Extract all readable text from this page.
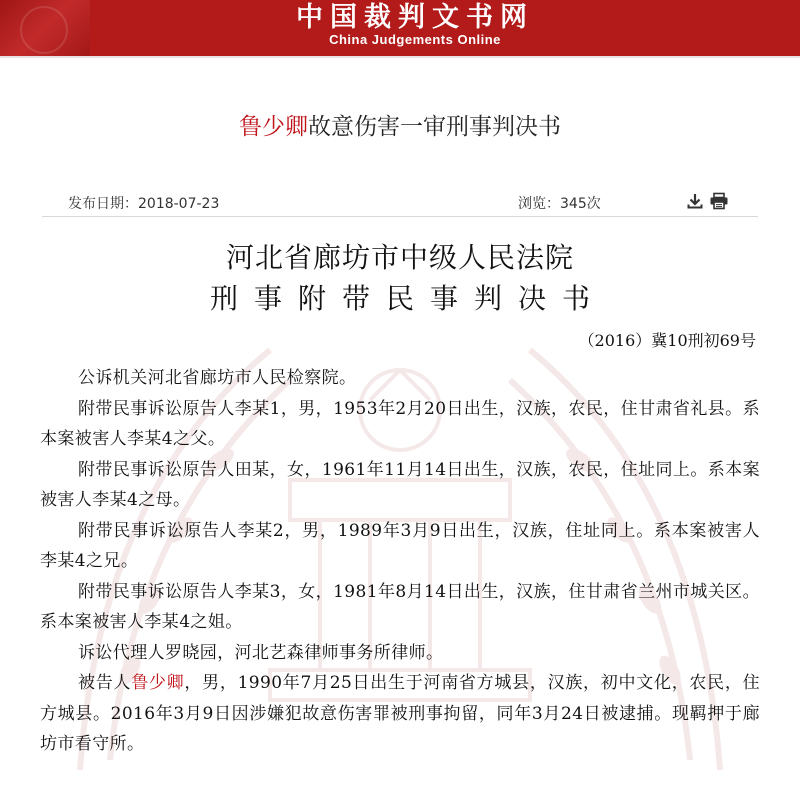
中国裁判文书网
China Judgements Online
鲁少卿故意伤害一审刑事判决书
发布日期：2018-07-23	浏览：345次

河北省廊坊市中级人民法院
刑事附带民事判决书
（2016）冀10刑初69号

公诉机关河北省廊坊市人民检察院。

附带民事诉讼原告人李某1，男，1953年2月20日出生，汉族，农民，住甘肃省礼县。系本案被害人李某4之父。

附带民事诉讼原告人田某，女，1961年11月14日出生，汉族，农民，住址同上。系本案被害人李某4之母。

附带民事诉讼原告人李某2，男，1989年3月9日出生，汉族，住址同上。系本案被害人李某4之兄。

附带民事诉讼原告人李某3，女，1981年8月14日出生，汉族，住甘肃省兰州市城关区。系本案被害人李某4之姐。

诉讼代理人罗晓园，河北艺森律师事务所律师。

被告人鲁少卿，男，1990年7月25日出生于河南省方城县，汉族，初中文化，农民，住方城县。2016年3月9日因涉嫌犯故意伤害罪被刑事拘留，同年3月24日被逮捕。现羁押于廊坊市看守所。
